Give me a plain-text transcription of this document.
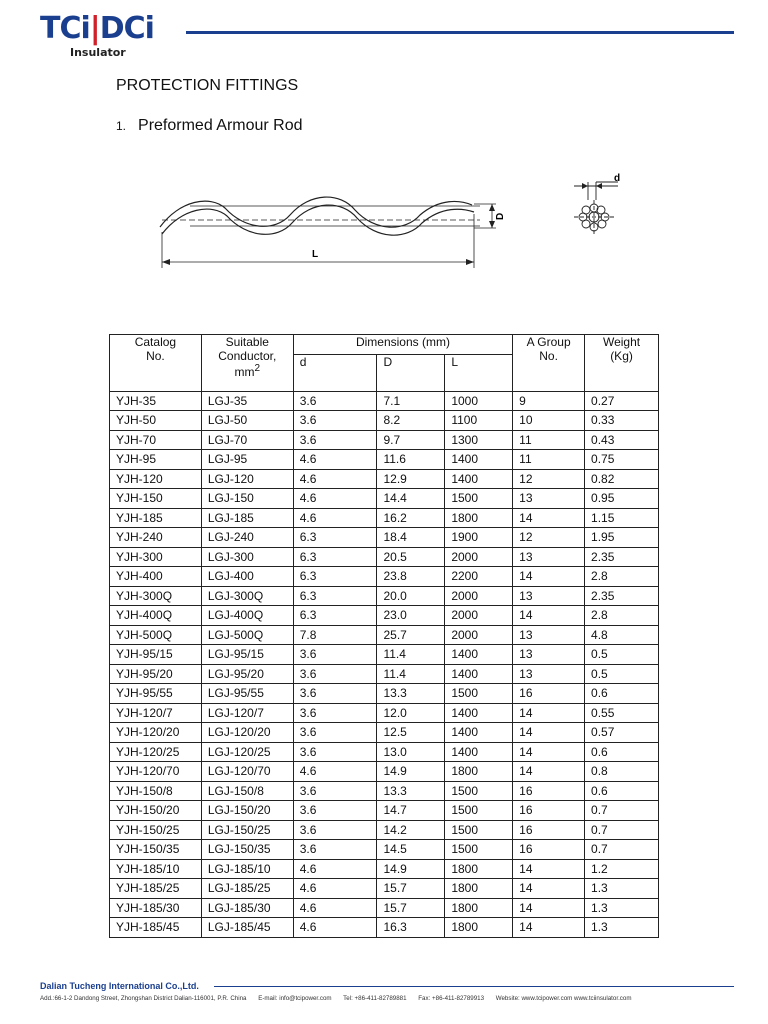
TCi|DCi
Insulator
PROTECTION FITTINGS
1. Preformed Armour Rod
D
L
d
Catalog
No.	Suitable
Conductor,
$mm^2$	Dimensions (mm)			A Group
No.	Weight
(Kg)
		d	D	L		
YJH-35	LGJ-35	3.6	7.1	1000	9	0.27
YJH-50	LGJ-50	3.6	8.2	1100	10	0.33
YJH-70	LGJ-70	3.6	9.7	1300	11	0.43
YJH-95	LGJ-95	4.6	11.6	1400	11	0.75
YJH-120	LGJ-120	4.6	12.9	1400	12	0.82
YJH-150	LGJ-150	4.6	14.4	1500	13	0.95
YJH-185	LGJ-185	4.6	16.2	1800	14	1.15
YJH-240	LGJ-240	6.3	18.4	1900	12	1.95
YJH-300	LGJ-300	6.3	20.5	2000	13	2.35
YJH-400	LGJ-400	6.3	23.8	2200	14	2.8
YJH-300Q	LGJ-300Q	6.3	20.0	2000	13	2.35
YJH-400Q	LGJ-400Q	6.3	23.0	2000	14	2.8
YJH-500Q	LGJ-500Q	7.8	25.7	2000	13	4.8
YJH-95/15	LGJ-95/15	3.6	11.4	1400	13	0.5
YJH-95/20	LGJ-95/20	3.6	11.4	1400	13	0.5
YJH-95/55	LGJ-95/55	3.6	13.3	1500	16	0.6
YJH-120/7	LGJ-120/7	3.6	12.0	1400	14	0.55
YJH-120/20	LGJ-120/20	3.6	12.5	1400	14	0.57
YJH-120/25	LGJ-120/25	3.6	13.0	1400	14	0.6
YJH-120/70	LGJ-120/70	4.6	14.9	1800	14	0.8
YJH-150/8	LGJ-150/8	3.6	13.3	1500	16	0.6
YJH-150/20	LGJ-150/20	3.6	14.7	1500	16	0.7
YJH-150/25	LGJ-150/25	3.6	14.2	1500	16	0.7
YJH-150/35	LGJ-150/35	3.6	14.5	1500	16	0.7
YJH-185/10	LGJ-185/10	4.6	14.9	1800	14	1.2
YJH-185/25	LGJ-185/25	4.6	15.7	1800	14	1.3
YJH-185/30	LGJ-185/30	4.6	15.7	1800	14	1.3
YJH-185/45	LGJ-185/45	4.6	16.3	1800	14	1.3
Dalian Tucheng International Co.,Ltd.
Add.:66-1-2 Dandong Street, Zhongshan District Dalian-116001, P.R. China E-mail: info@tcipower.com Tel: +86-411-82789881 Fax: +86-411-82789913 Website: www.tcipower.com www.tciinsulator.com
